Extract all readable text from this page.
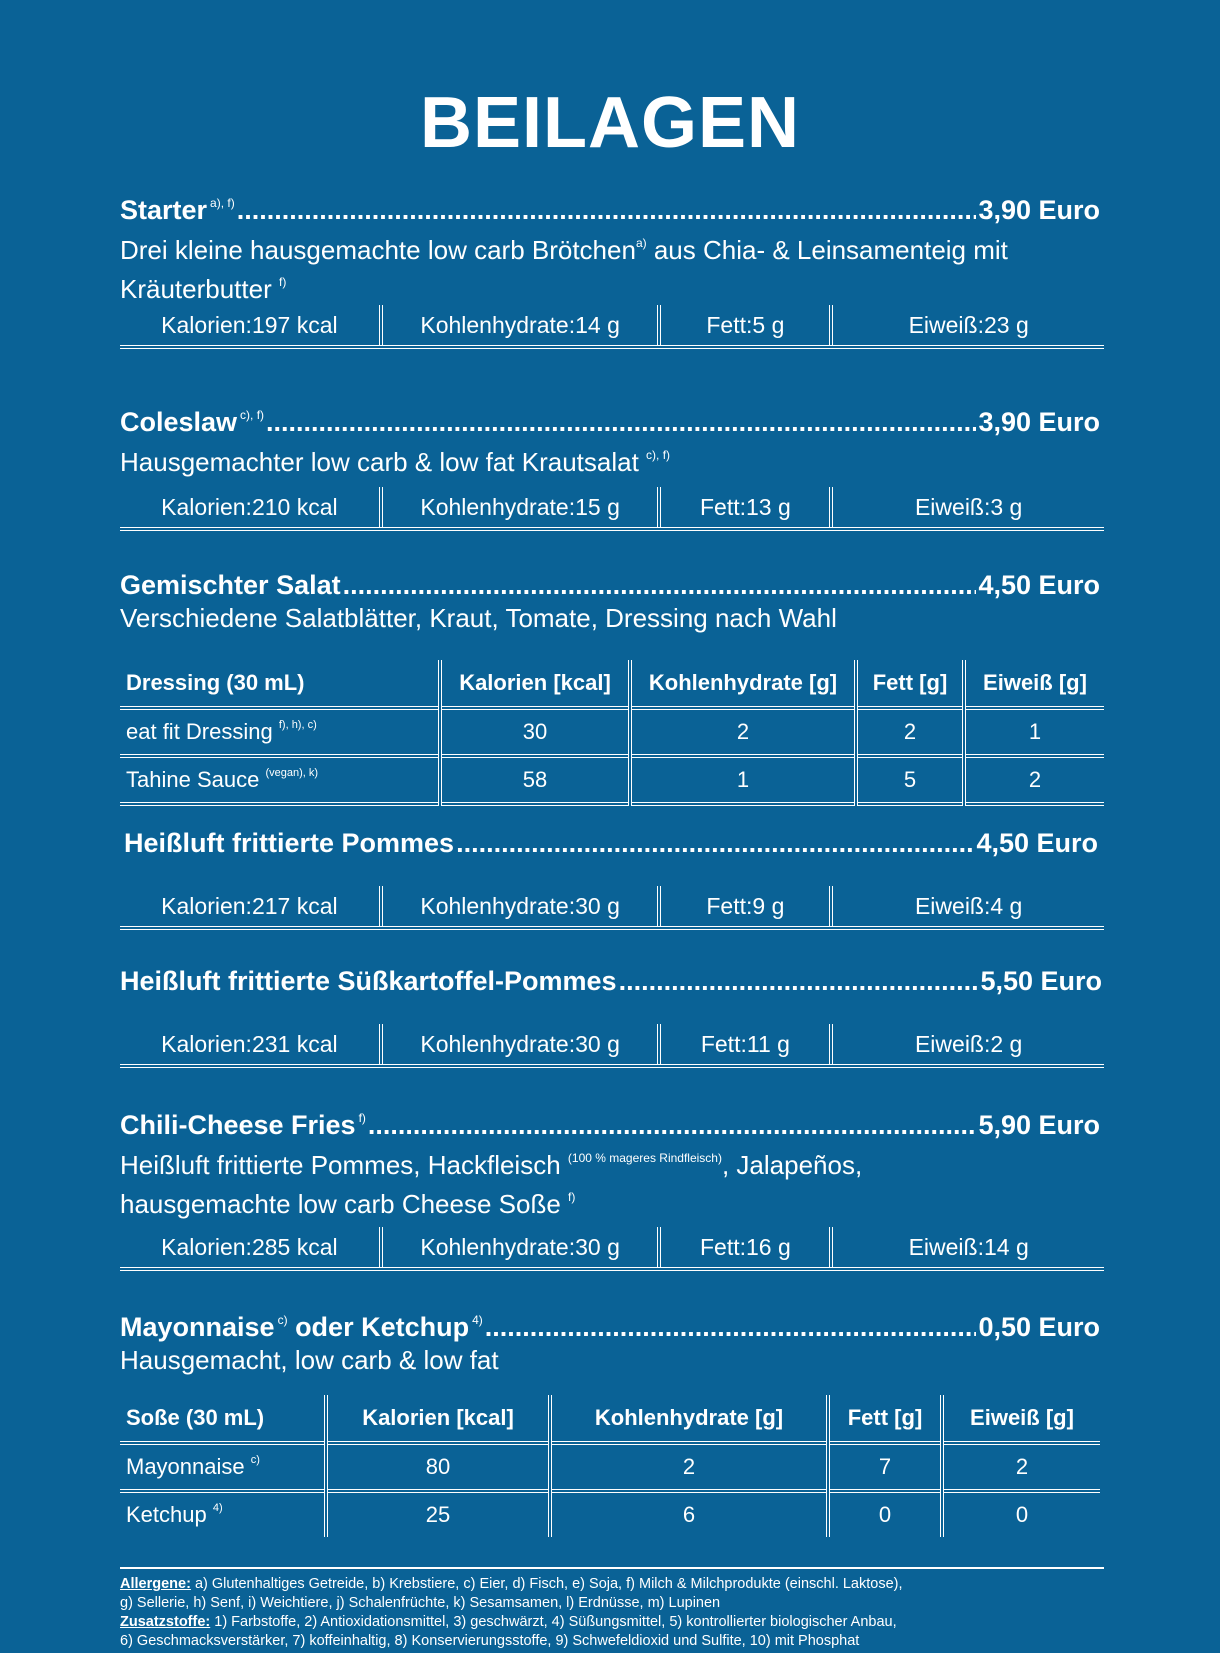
BEILAGEN
Starter $^{a), f)}$ .....	3,90 Euro
Drei kleine hausgemachte low carb Brötchen$^{a)}$ aus Chia- & Leinsamenteig mit
Kräuterbutter $^{f)}$
Kalorien: 197 kcal	Kohlenhydrate: 14 g	Fett: 5 g	Eiweiß: 23 g
Coleslaw $^{c), f)}$ .....	3,90 Euro
Hausgemachter low carb & low fat Krautsalat $^{c), f)}$
Kalorien: 210 kcal	Kohlenhydrate: 15 g	Fett: 13 g	Eiweiß: 3 g
Gemischter Salat .....	4,50 Euro
Verschiedene Salatblätter, Kraut, Tomate, Dressing nach Wahl
Dressing (30 mL)	Kalorien [kcal]	Kohlenhydrate [g]	Fett [g]	Eiweiß [g]
eat fit Dressing $^{f), h), c)}$	30	2	2	1
Tahine Sauce $^{(vegan), k)}$	58	1	5	2
Heißluft frittierte Pommes .....	4,50 Euro
Kalorien: 217 kcal	Kohlenhydrate: 30 g	Fett: 9 g	Eiweiß: 4 g
Heißluft frittierte Süßkartoffel-Pommes .....	5,50 Euro
Kalorien: 231 kcal	Kohlenhydrate: 30 g	Fett: 11 g	Eiweiß: 2 g
Chili-Cheese Fries $^{f)}$ .....	5,90 Euro
Heißluft frittierte Pommes, Hackfleisch $^{(100 \% mageres Rindfleisch)}$, Jalapeños,
hausgemachte low carb Cheese Soße $^{f)}$
Kalorien: 285 kcal	Kohlenhydrate: 30 g	Fett: 16 g	Eiweiß: 14 g
Mayonnaise $^{c)}$ oder Ketchup $^{4)}$ .....	0,50 Euro
Hausgemacht, low carb & low fat
Soße (30 mL)	Kalorien [kcal]	Kohlenhydrate [g]	Fett [g]	Eiweiß [g]
Mayonnaise $^{c)}$	80	2	7	2
Ketchup $^{4)}$	25	6	0	0
Allergene: a) Glutenhaltiges Getreide, b) Krebstiere, c) Eier, d) Fisch, e) Soja, f) Milch & Milchprodukte (einschl. Laktose),
g) Sellerie, h) Senf, i) Weichtiere, j) Schalenfrüchte, k) Sesamsamen, l) Erdnüsse, m) Lupinen
Zusatzstoffe: 1) Farbstoffe, 2) Antioxidationsmittel, 3) geschwärzt, 4) Süßungsmittel, 5) kontrollierter biologischer Anbau,
6) Geschmacksverstärker, 7) koffeinhaltig, 8) Konservierungsstoffe, 9) Schwefeldioxid und Sulfite, 10) mit Phosphat
